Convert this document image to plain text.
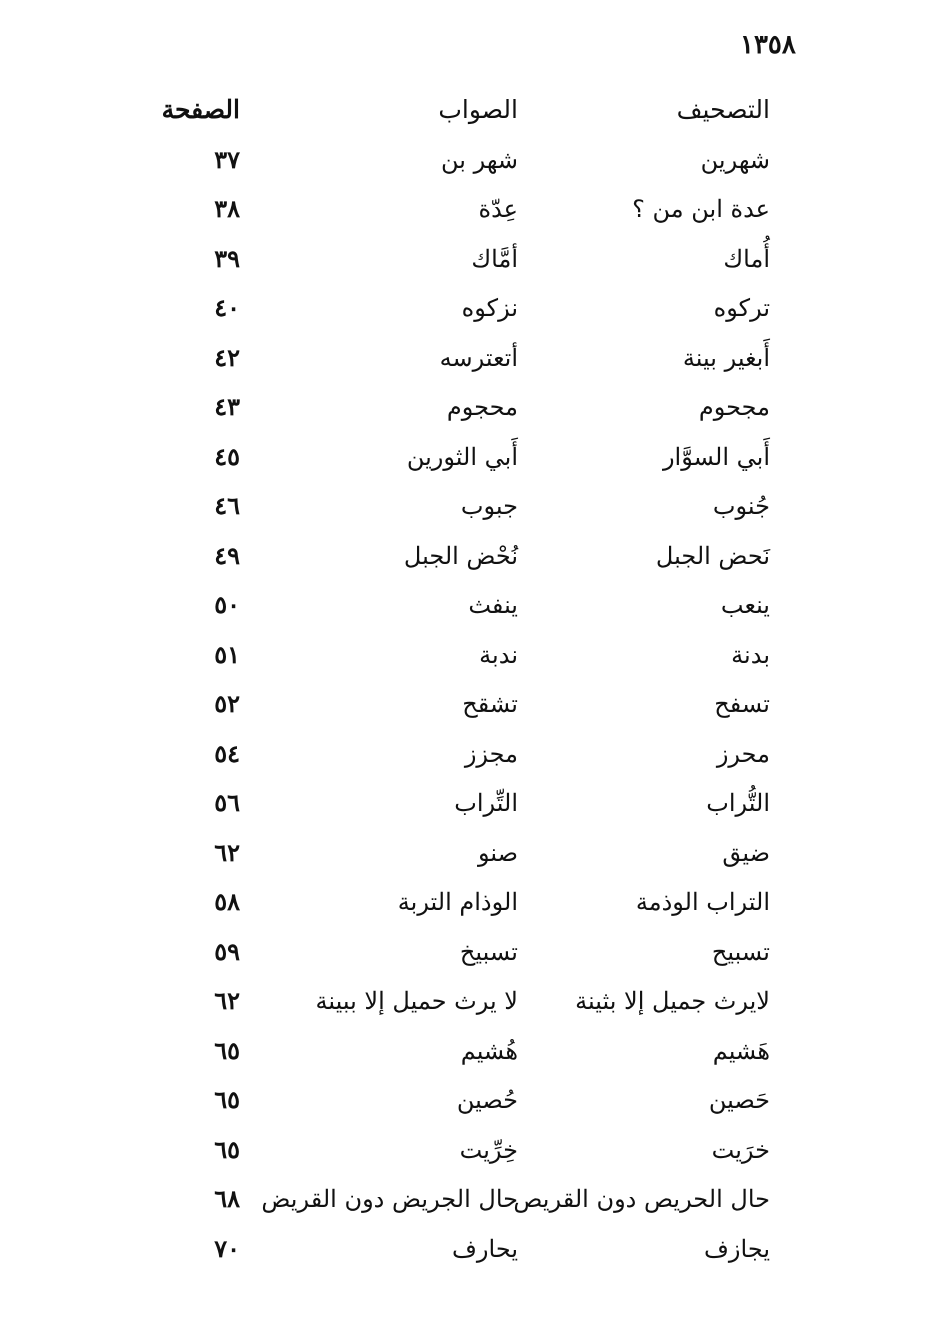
١٣٥٨
التصحيف
الصواب
الصفحة
شهرين
شهر بن
٣٧
عدة ابن من ؟
عِدّة
٣٨
أُماك
أمَّاك
٣٩
تركوه
نزكوه
٤٠
أَبغير بينة
أتعترسه
٤٢
مجحوم
محجوم
٤٣
أَبي السوَّار
أَبي الثورين
٤٥
جُنوب
جبوب
٤٦
نَحض الجبل
نُحْض الجبل
٤٩
ينعب
ينفث
٥٠
بدنة
ندبة
٥١
تسفح
تشقح
٥٢
محرز
مجزز
٥٤
التُّراب
التِّراب
٥٦
ضيق
صنو
٦٢
التراب الوذمة
الوذام التربة
٥٨
تسبيح
تسبيخ
٥٩
لايرث جميل إلا بثينة
لا يرث حميل إلا ببينة
٦٢
هَشيم
هُشيم
٦٥
حَصين
حُصين
٦٥
خرَيت
خِرِّيت
٦٥
حال الحريص دون القريص
حال الجريض دون القريض
٦٨
يجازف
يحارف
٧٠
